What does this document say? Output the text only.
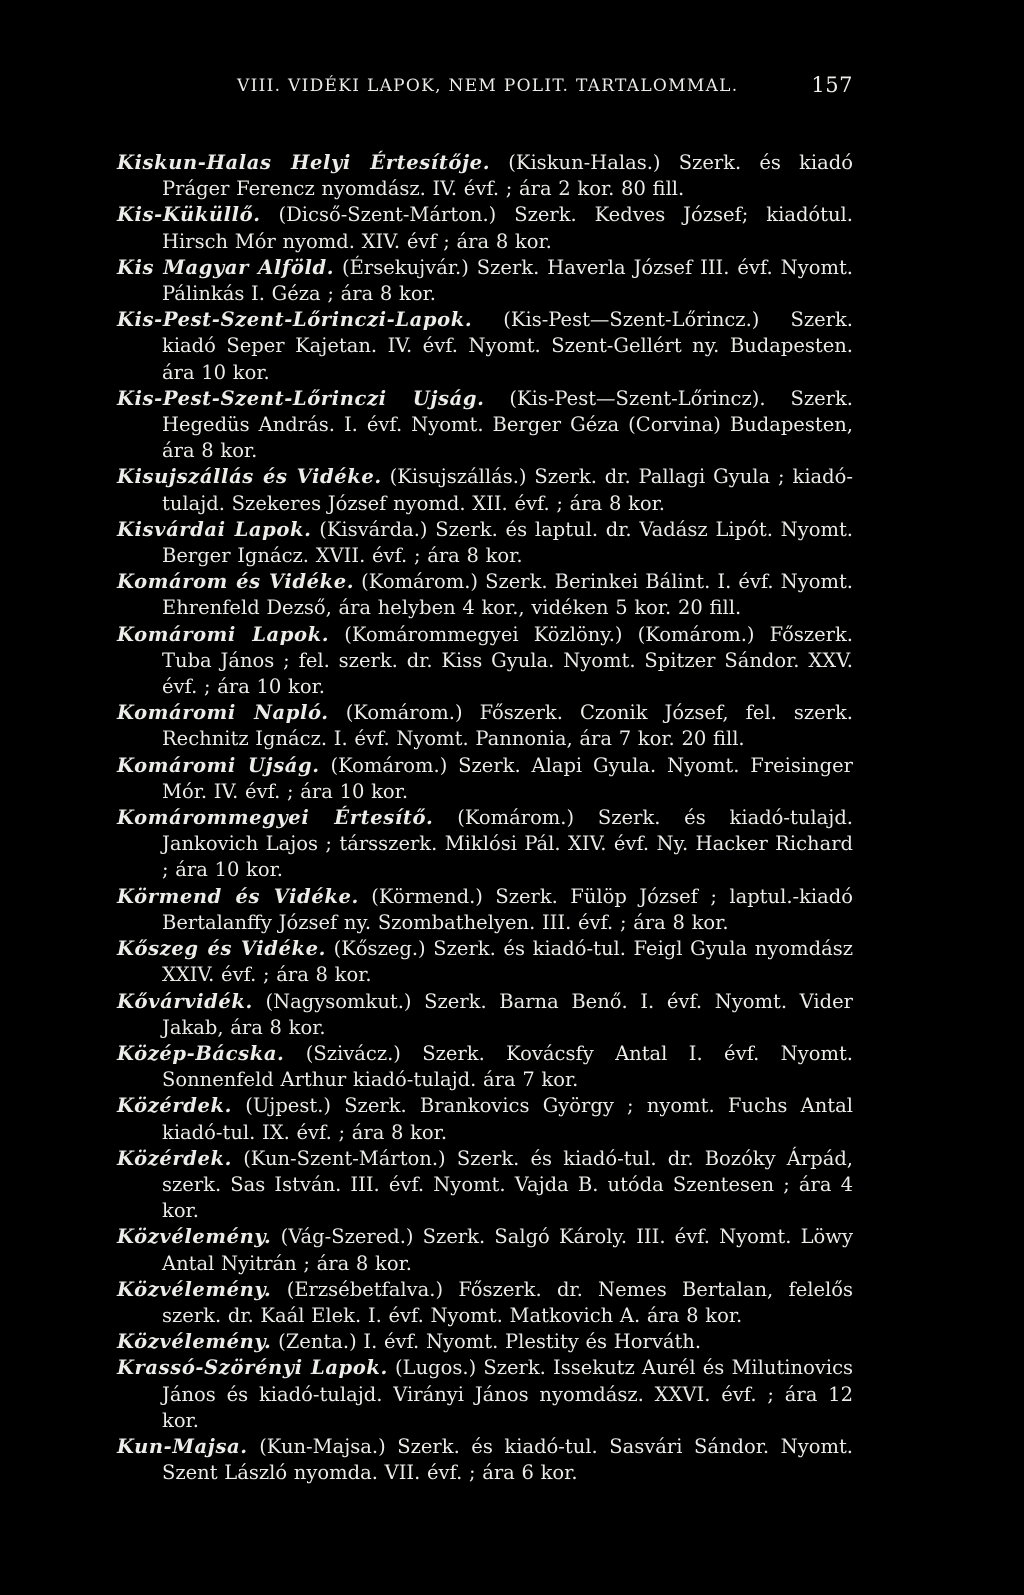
VIII. VIDÉKI LAPOK, NEM POLIT. TARTALOMMAL.	157

Kiskun-Halas Helyi Értesítője. (Kiskun-Halas.) Szerk. és kiadó Práger Ferencz nyomdász. IV. évf. ; ára 2 kor. 80 fill.

Kis-Küküllő. (Dicső-Szent-Márton.) Szerk. Kedves József; kiadótul. Hirsch Mór nyomd. XIV. évf ; ára 8 kor.

Kis Magyar Alföld. (Érsekujvár.) Szerk. Haverla József III. évf. Nyomt. Pálinkás I. Géza ; ára 8 kor.

Kis-Pest-Szent-Lőrinczi-Lapok. (Kis-Pest—Szent-Lőrincz.) Szerk. kiadó Seper Kajetan. IV. évf. Nyomt. Szent-Gellért ny. Budapesten. ára 10 kor.

Kis-Pest-Szent-Lőrinczi Ujság. (Kis-Pest—Szent-Lőrincz). Szerk. Hegedüs András. I. évf. Nyomt. Berger Géza (Corvina) Budapesten, ára 8 kor.

Kisujszállás és Vidéke. (Kisujszállás.) Szerk. dr. Pallagi Gyula ; kiadó-tulajd. Szekeres József nyomd. XII. évf. ; ára 8 kor.

Kisvárdai Lapok. (Kisvárda.) Szerk. és laptul. dr. Vadász Lipót. Nyomt. Berger Ignácz. XVII. évf. ; ára 8 kor.

Komárom és Vidéke. (Komárom.) Szerk. Berinkei Bálint. I. évf. Nyomt. Ehrenfeld Dezső, ára helyben 4 kor., vidéken 5 kor. 20 fill.

Komáromi Lapok. (Komárommegyei Közlöny.) (Komárom.) Főszerk. Tuba János ; fel. szerk. dr. Kiss Gyula. Nyomt. Spitzer Sándor. XXV. évf. ; ára 10 kor.

Komáromi Napló. (Komárom.) Főszerk. Czonik József, fel. szerk. Rechnitz Ignácz. I. évf. Nyomt. Pannonia, ára 7 kor. 20 fill.

Komáromi Ujság. (Komárom.) Szerk. Alapi Gyula. Nyomt. Freisinger Mór. IV. évf. ; ára 10 kor.

Komárommegyei Értesítő. (Komárom.) Szerk. és kiadó-tulajd. Jankovich Lajos ; társszerk. Miklósi Pál. XIV. évf. Ny. Hacker Richard ; ára 10 kor.

Körmend és Vidéke. (Körmend.) Szerk. Fülöp József ; laptul.-kiadó Bertalanffy József ny. Szombathelyen. III. évf. ; ára 8 kor.

Kőszeg és Vidéke. (Kőszeg.) Szerk. és kiadó-tul. Feigl Gyula nyomdász XXIV. évf. ; ára 8 kor.

Kővárvidék. (Nagysomkut.) Szerk. Barna Benő. I. évf. Nyomt. Vider Jakab, ára 8 kor.

Közép-Bácska. (Szivácz.) Szerk. Kovácsfy Antal I. évf. Nyomt. Sonnenfeld Arthur kiadó-tulajd. ára 7 kor.

Közérdek. (Ujpest.) Szerk. Brankovics György ; nyomt. Fuchs Antal kiadó-tul. IX. évf. ; ára 8 kor.

Közérdek. (Kun-Szent-Márton.) Szerk. és kiadó-tul. dr. Bozóky Árpád, szerk. Sas István. III. évf. Nyomt. Vajda B. utóda Szentesen ; ára 4 kor.

Közvélemény. (Vág-Szered.) Szerk. Salgó Károly. III. évf. Nyomt. Löwy Antal Nyitrán ; ára 8 kor.

Közvélemény. (Erzsébetfalva.) Főszerk. dr. Nemes Bertalan, felelős szerk. dr. Kaál Elek. I. évf. Nyomt. Matkovich A. ára 8 kor.

Közvélemény. (Zenta.) I. évf. Nyomt. Plestity és Horváth.

Krassó-Szörényi Lapok. (Lugos.) Szerk. Issekutz Aurél és Milutinovics János és kiadó-tulajd. Virányi János nyomdász. XXVI. évf. ; ára 12 kor.

Kun-Majsa. (Kun-Majsa.) Szerk. és kiadó-tul. Sasvári Sándor. Nyomt. Szent László nyomda. VII. évf. ; ára 6 kor.
